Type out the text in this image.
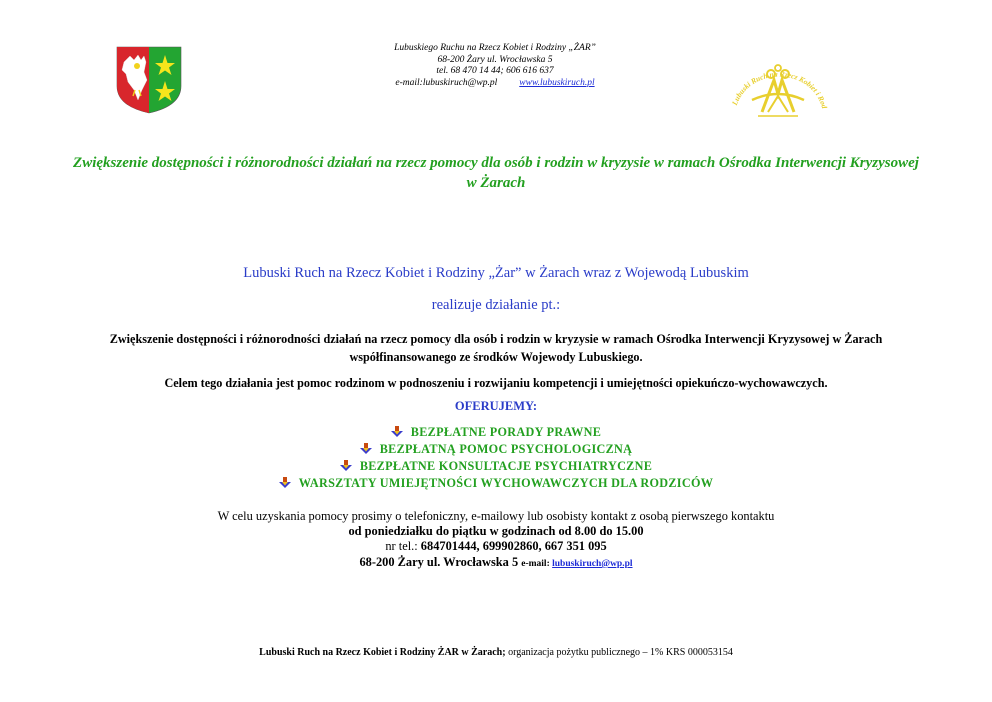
Lubuskiego Ruchu na Rzecz Kobiet i Rodziny „ŻAR”
68-200 Żary ul. Wrocławska 5
tel. 68 470 14 44; 606 616 637
e-mail:lubuskiruch@wp.pl www.lubuskiruch.pl
Lubuski Ruch na Rzecz Kobiet i Rod
Zwiększenie dostępności i różnorodności działań na rzecz pomocy dla osób i rodzin w kryzysie w ramach Ośrodka Interwencji Kryzysowej w Żarach
Lubuski Ruch na Rzecz Kobiet i Rodziny „Żar” w Żarach wraz z Wojewodą Lubuskim
realizuje działanie pt.:
Zwiększenie dostępności i różnorodności działań na rzecz pomocy dla osób i rodzin w kryzysie w ramach Ośrodka Interwencji Kryzysowej w Żarach współfinansowanego ze środków Wojewody Lubuskiego.
Celem tego działania jest pomoc rodzinom w podnoszeniu i rozwijaniu kompetencji i umiejętności opiekuńczo-wychowawczych.
OFERUJEMY:
BEZPŁATNE PORADY PRAWNE
BEZPŁATNĄ POMOC PSYCHOLOGICZNĄ
BEZPŁATNE KONSULTACJE PSYCHIATRYCZNE
WARSZTATY UMIEJĘTNOŚCI WYCHOWAWCZYCH DLA RODZICÓW
W celu uzyskania pomocy prosimy o telefoniczny, e-mailowy lub osobisty kontakt z osobą pierwszego kontaktu
od poniedziałku do piątku w godzinach od 8.00 do 15.00
nr tel.: 684701444, 699902860, 667 351 095
68-200 Żary ul. Wrocławska 5 e-mail: lubuskiruch@wp.pl
Lubuski Ruch na Rzecz Kobiet i Rodziny ŻAR w Żarach; organizacja pożytku publicznego – 1% KRS 000053154
